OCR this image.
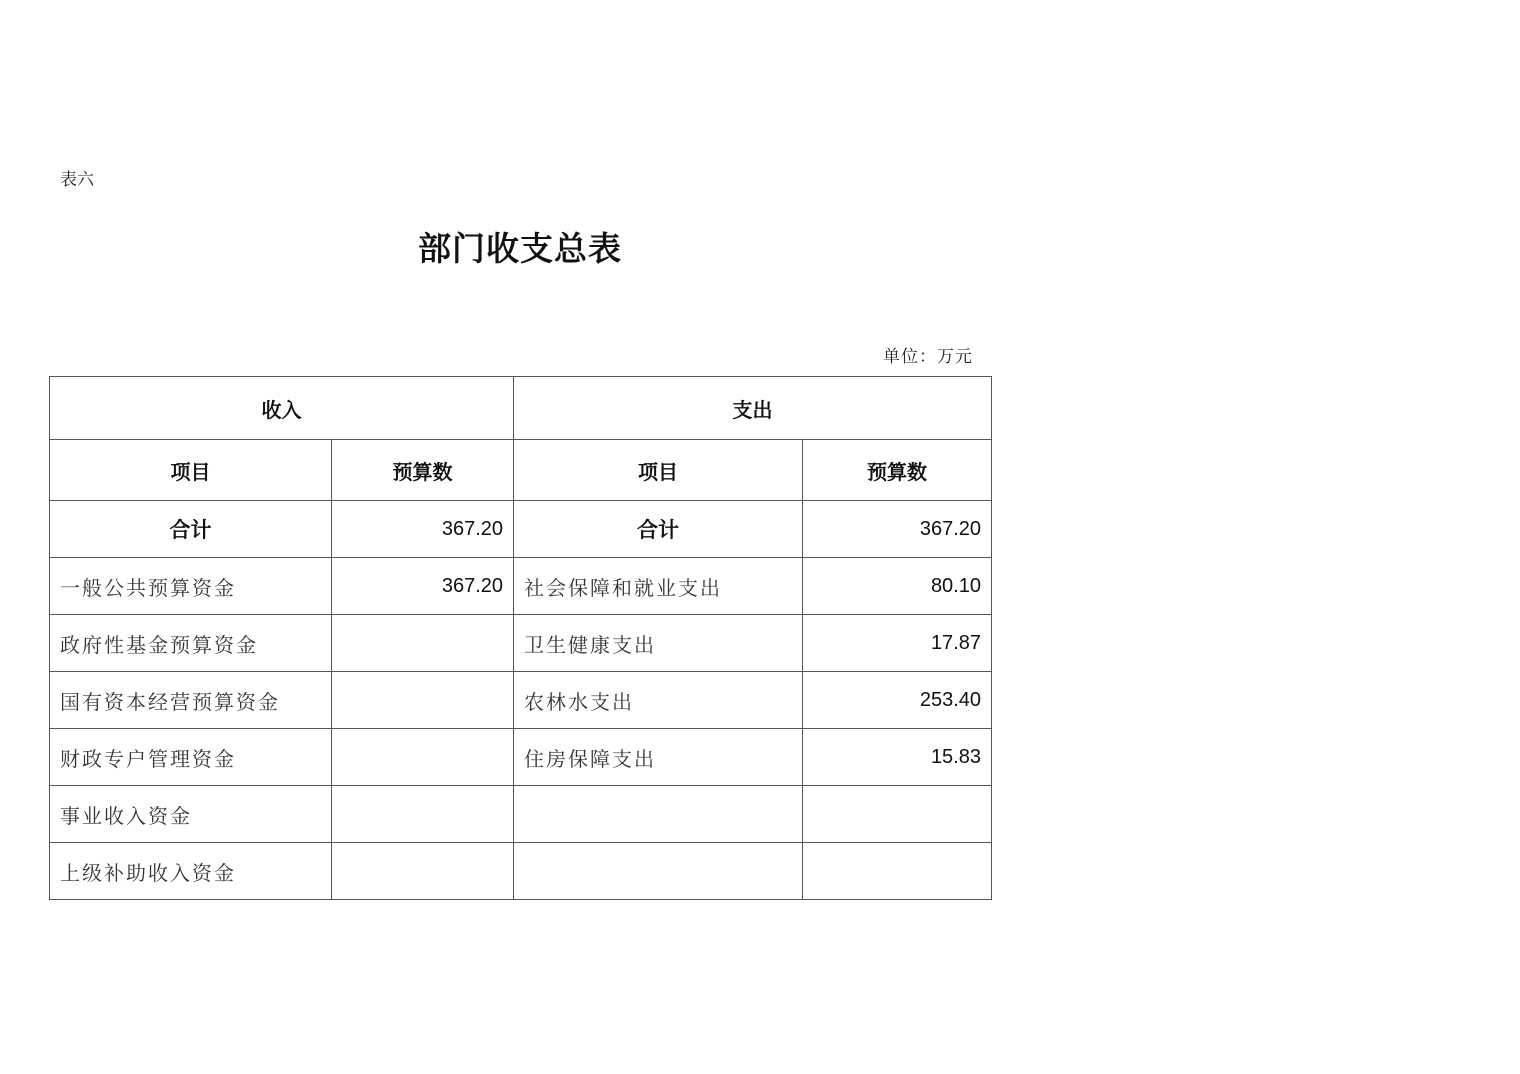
表六
部门收支总表
单位：万元
收入		支出	
项目	预算数	项目	预算数
合计	367.20	合计	367.20
一般公共预算资金	367.20	社会保障和就业支出	80.10
政府性基金预算资金		卫生健康支出	17.87
国有资本经营预算资金		农林水支出	253.40
财政专户管理资金		住房保障支出	15.83
事业收入资金			
上级补助收入资金			
